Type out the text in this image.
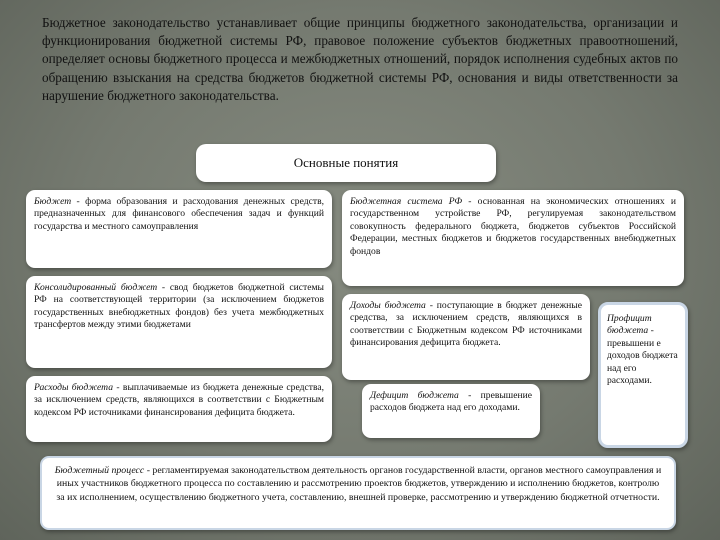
Бюджетное законодательство устанавливает общие принципы бюджетного законодательства, организации и функционирования бюджетной системы РФ, правовое положение субъектов бюджетных правоотношений, определяет основы бюджетного процесса и межбюджетных отношений, порядок исполнения судебных актов по обращению взыскания на средства бюджетов бюджетной системы РФ, основания и виды ответственности за нарушение бюджетного законодательства.

Основные понятия
Бюджет - форма образования и расходования денежных средств, предназначенных для финансового обеспечения задач и функций государства и местного самоуправления
Консолидированный бюджет - свод бюджетов бюджетной системы РФ на соответствующей территории (за исключением бюджетов государственных внебюджетных фондов) без учета межбюджетных трансфертов между этими бюджетами
Расходы бюджета - выплачиваемые из бюджета денежные средства, за исключением средств, являющихся в соответствии с Бюджетным кодексом РФ источниками финансирования дефицита бюджета.
Бюджетная система РФ - основанная на экономических отношениях и государственном устройстве РФ, регулируемая законодательством совокупность федерального бюджета, бюджетов субъектов Российской Федерации, местных бюджетов и бюджетов государственных внебюджетных фондов
Доходы бюджета - поступающие в бюджет денежные средства, за исключением средств, являющихся в соответствии с Бюджетным кодексом РФ источниками финансирования дефицита бюджета.
Дефицит бюджета - превышение расходов бюджета над его доходами.
Профицит бюджета - превышени е доходов бюджета над его расходами.
Бюджетный процесс - регламентируемая законодательством деятельность органов государственной власти, органов местного самоуправления и иных участников бюджетного процесса по составлению и рассмотрению проектов бюджетов, утверждению и исполнению бюджетов, контролю за их исполнением, осуществлению бюджетного учета, составлению, внешней проверке, рассмотрению и утверждению бюджетной отчетности.
